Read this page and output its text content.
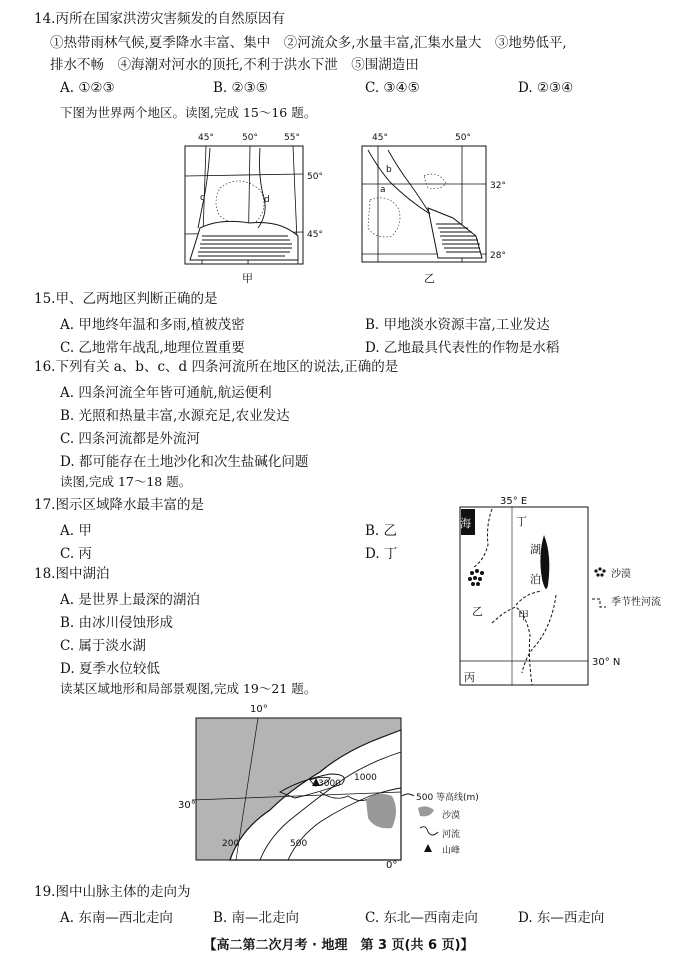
14.丙所在国家洪涝灾害频发的自然原因有
①热带雨林气候,夏季降水丰富、集中　②河流众多,水量丰富,汇集水量大　③地势低平,
排水不畅　④海潮对河水的顶托,不利于洪水下泄　⑤围湖造田
A. ①②③	B. ②③⑤	C. ③④⑤	D. ②③④
下图为世界两个地区。读图,完成 15～16 题。
45°	50°	55°
50°
45°
c	d
甲
45°	50°
32°
28°
b
a
乙
15.甲、乙两地区判断正确的是
A. 甲地终年温和多雨,植被茂密	B. 甲地淡水资源丰富,工业发达
C. 乙地常年战乱,地理位置重要	D. 乙地最具代表性的作物是水稻
16.下列有关 a、b、c、d 四条河流所在地区的说法,正确的是
A. 四条河流全年皆可通航,航运便利
B. 光照和热量丰富,水源充足,农业发达
C. 四条河流都是外流河
D. 都可能存在土地沙化和次生盐碱化问题
读图,完成 17～18 题。
17.图示区域降水最丰富的是
A. 甲	B. 乙
C. 丙	D. 丁
18.图中湖泊
A. 是世界上最深的湖泊
B. 由冰川侵蚀形成
C. 属于淡水湖
D. 夏季水位较低
读某区域地形和局部景观图,完成 19～21 题。
35° E
30° N
海	丁
湖
泊
乙	甲
丙
沙漠
季节性河流
10°
0°
30°
3000
1000
500
200
500 等高线(m)
沙漠
河流
山峰
19.图中山脉主体的走向为
A. 东南—西北走向	B. 南—北走向	C. 东北—西南走向	D. 东—西走向
【高二第二次月考 · 地理　第 3 页(共 6 页)】
